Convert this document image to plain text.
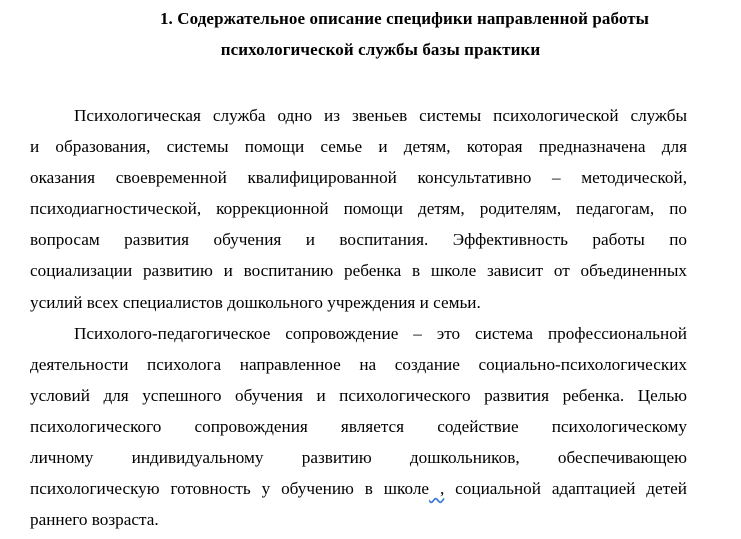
1. Содержательное описание специфики направленной работы
психологической службы базы практики
Психологическая служба одно из звеньев системы психологической службы
и образования, системы помощи семье и детям, которая предназначена для
оказания своевременной квалифицированной консультативно – методической,
психодиагностической, коррекционной помощи детям, родителям, педагогам, по
вопросам развития обучения и воспитания. Эффективность работы по
социализации развитию и воспитанию ребенка в школе зависит от объединенных
усилий всех специалистов дошкольного учреждения и семьи.
Психолого-педагогическое сопровождение – это система профессиональной
деятельности психолога направленное на создание социально-психологических
условий для успешного обучения и психологического развития ребенка. Целью
психологического сопровождения является содействие психологическому
личному индивидуальному развитию дошкольников, обеспечивающею
психологическую готовность у обучению в школе , социальной адаптацией детей
раннего возраста.
